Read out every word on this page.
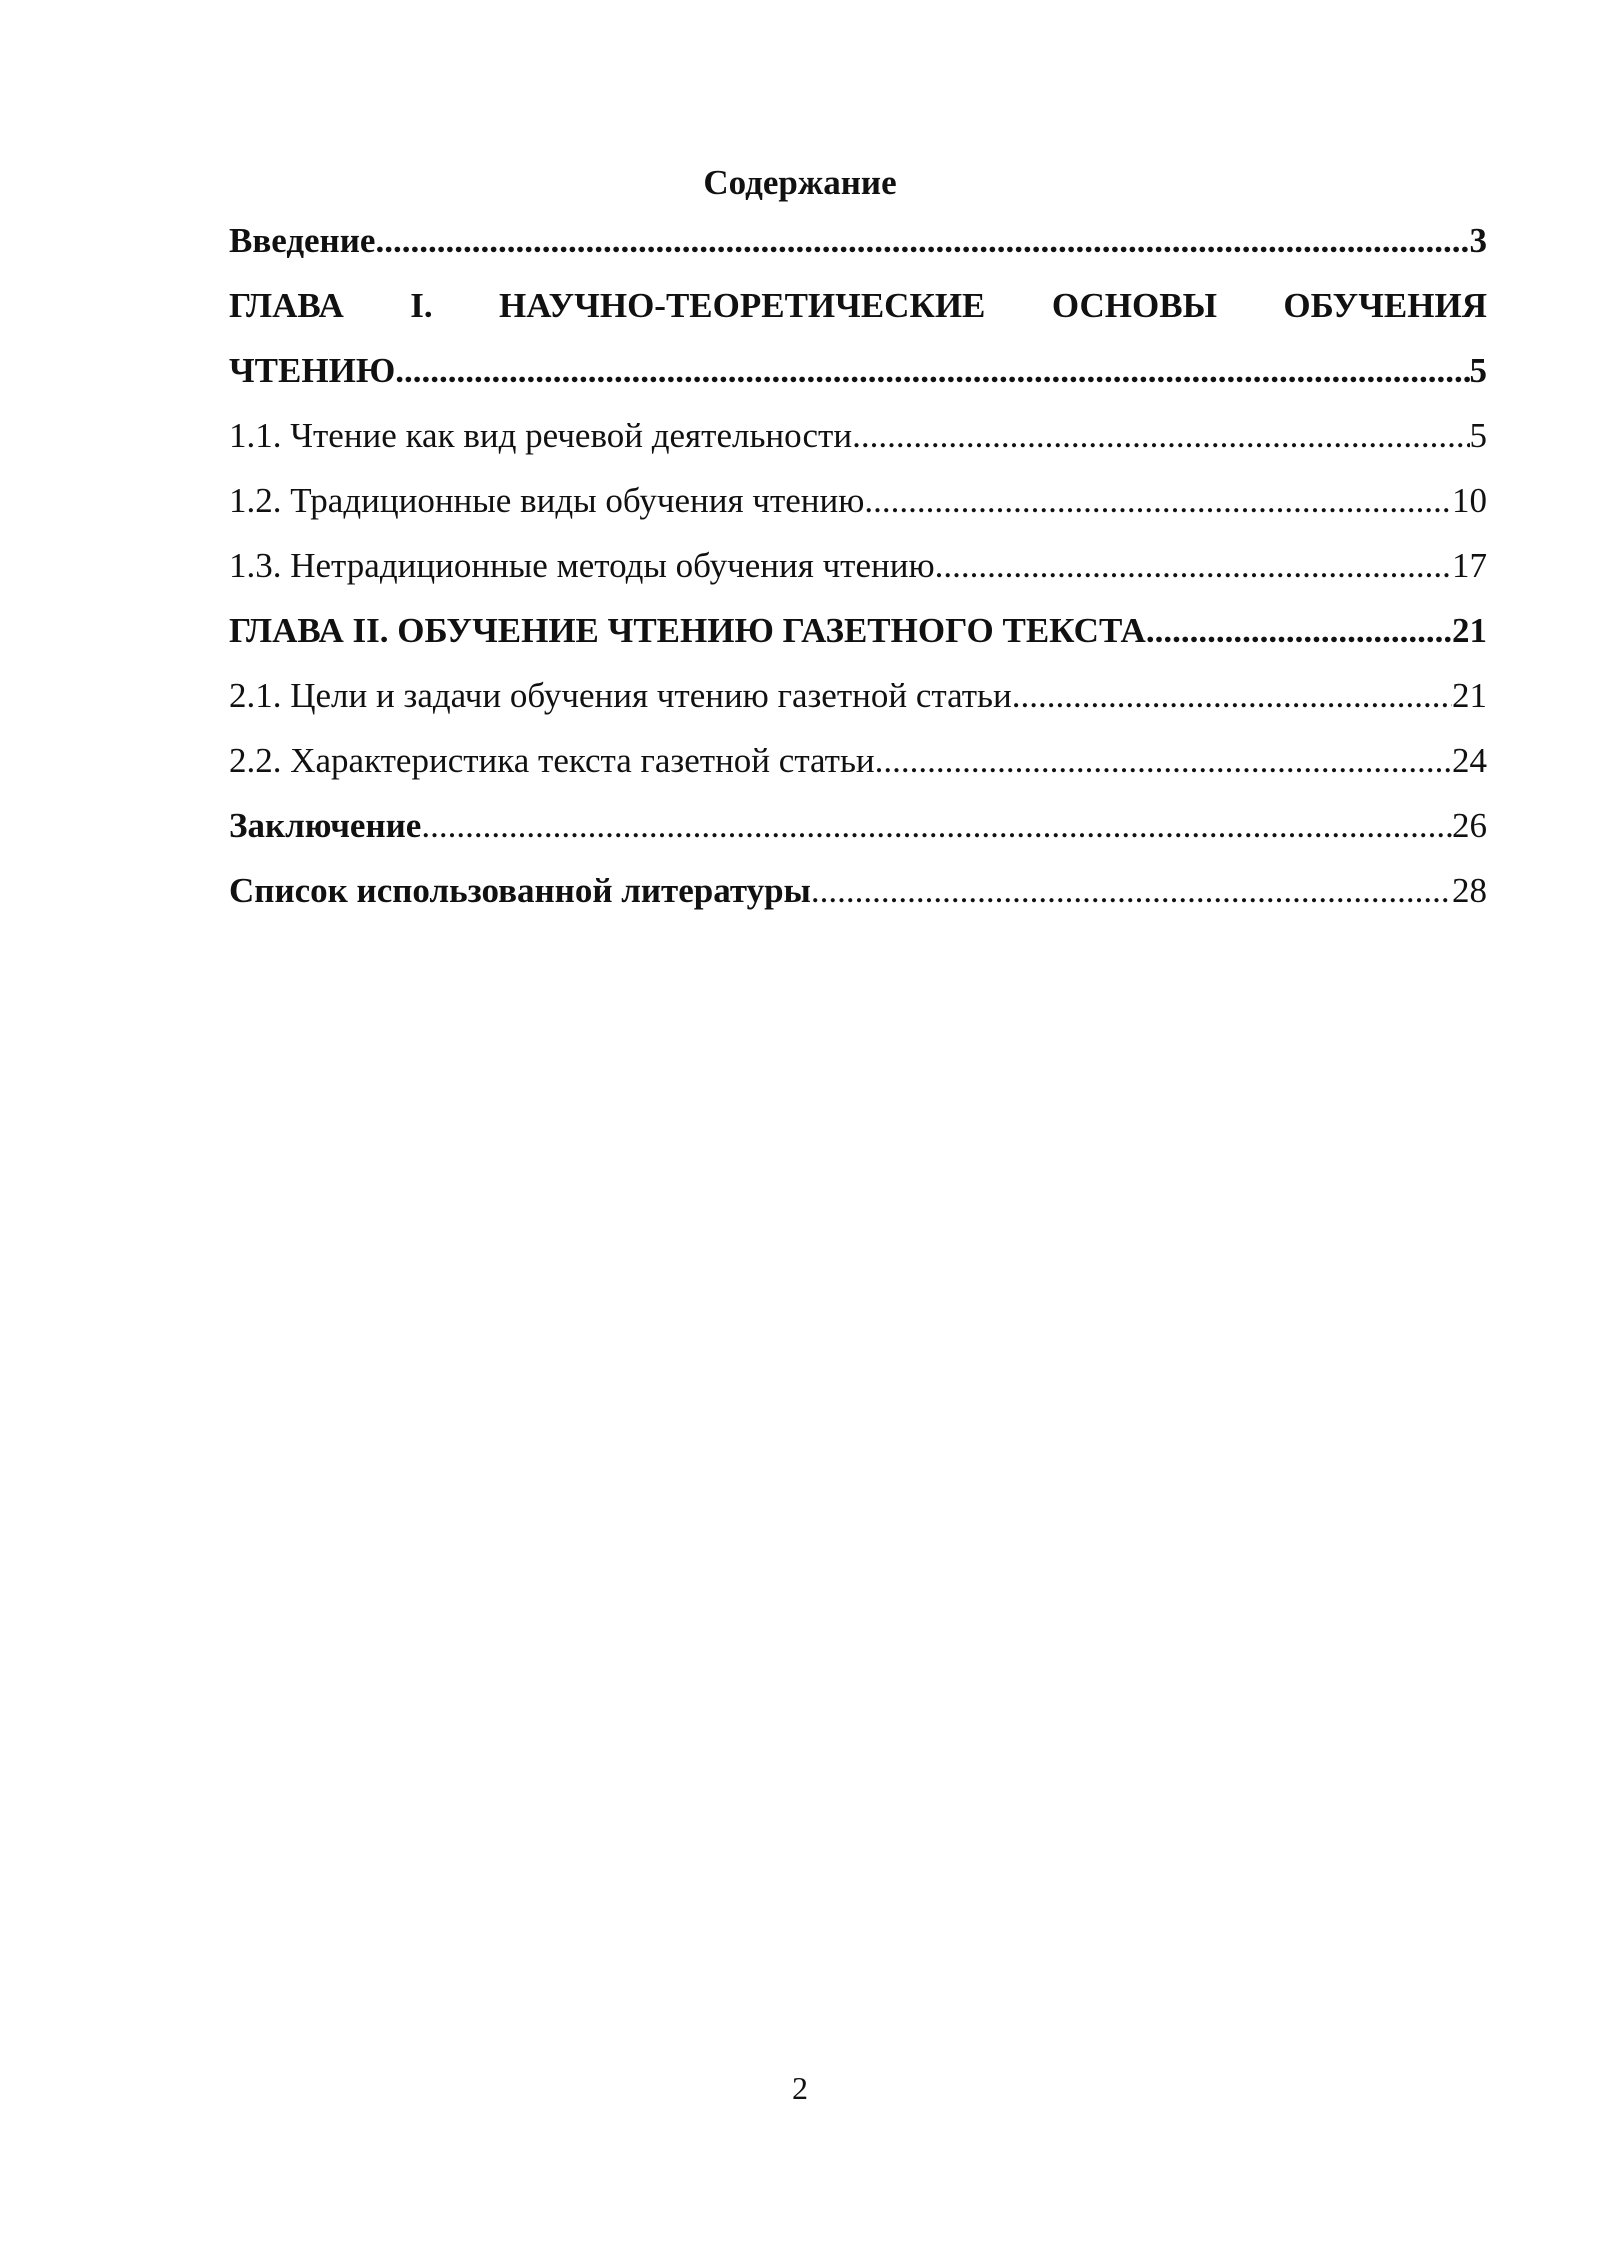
Содержание
Введение .....	3
ГЛАВА I. НАУЧНО-ТЕОРЕТИЧЕСКИЕ ОСНОВЫ ОБУЧЕНИЯ
ЧТЕНИЮ. .....	5
1.1. Чтение как вид речевой деятельности .....	5
1.2. Традиционные виды обучения чтению .....	10
1.3. Нетрадиционные методы обучения чтению .....	17
ГЛАВА II. ОБУЧЕНИЕ ЧТЕНИЮ ГАЗЕТНОГО ТЕКСТА .....	21
2.1. Цели и задачи обучения чтению газетной статьи .....	21
2.2. Характеристика текста газетной статьи .....	24
Заключение .....	26
Список использованной литературы .....	28
2
